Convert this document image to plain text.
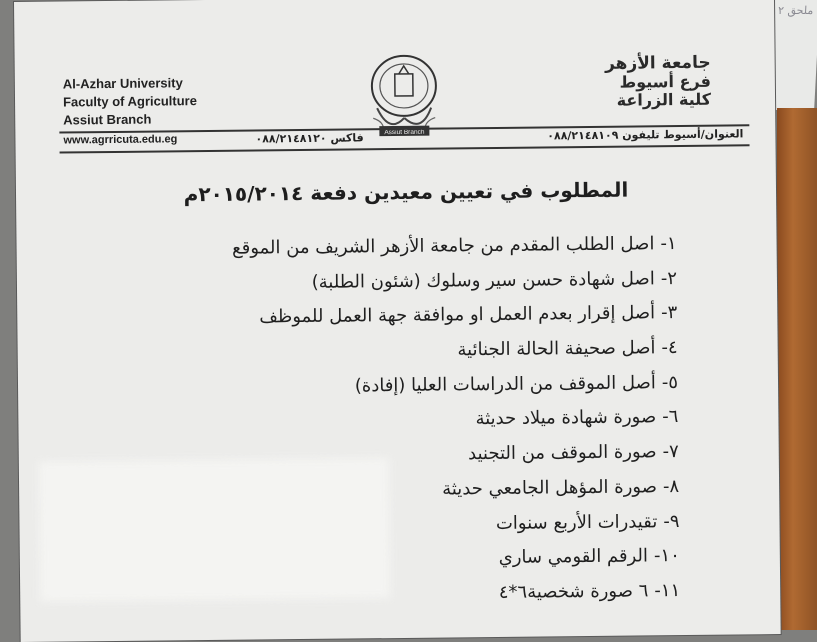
ملحق ٢
Al-Azhar University
Faculty of Agriculture
Assiut Branch
Assiut Branch
جامعة الأزهر
فرع أسيوط
كلية الزراعة
www.agrricuta.edu.eg	فاكس ٠٨٨/٢١٤٨١٢٠	العنوان/أسيوط تليفون ٠٨٨/٢١٤٨١٠٩
المطلوب في تعيين معيدين دفعة ٢٠١٥/٢٠١٤م
١-اصل الطلب المقدم من جامعة الأزهر الشريف من الموقع
٢-اصل شهادة حسن سير وسلوك (شئون الطلبة)
٣-أصل إقرار بعدم العمل او موافقة جهة العمل للموظف
٤-أصل صحيفة الحالة الجنائية
٥-أصل الموقف من الدراسات العليا (إفادة)
٦-صورة شهادة ميلاد حديثة
٧-صورة الموقف من التجنيد
٨-صورة المؤهل الجامعي حديثة
٩-تقيدرات الأربع سنوات
١٠-الرقم القومي ساري
١١-٦ صورة شخصية٦*٤
